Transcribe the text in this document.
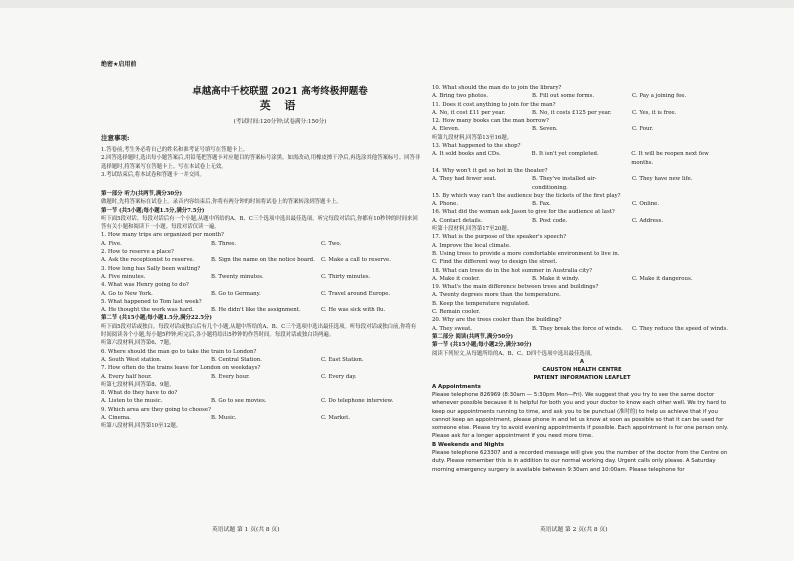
绝密★启用前
卓越高中千校联盟 2021 高考终极押题卷
英 语
(考试时间:120分钟;试卷满分:150分)
注意事项:

1.答卷前,考生务必将自己的姓名和准考证号填写在答题卡上。

2.回答选择题时,选出每小题答案后,用铅笔把答题卡对应题目的答案标号涂黑。如需改动,用橡皮擦干净后,再选涂其他答案标号。回答非选择题时,将答案写在答题卡上。写在本试卷上无效。

3.考试结束后,将本试卷和答题卡一并交回。

第一部分 听力(共两节,满分30分)

做题时,先将答案标在试卷上。录音内容结束后,你将有两分钟的时间将试卷上的答案转涂到答题卡上。

第一节 (共5小题;每小题1.5分,满分7.5分)

听下面5段对话。每段对话后有一个小题,从题中所给的A、B、C三个选项中选出最佳选项。听完每段对话后,你都有10秒钟的时间来回答有关小题和阅读下一小题。每段对话仅读一遍。

1. How many trips are organized per month?

A. Five.	B. Three.	C. Two.

2. How to reserve a place?

A. Ask the receptionist to reserve.	B. Sign the name on the notice board.	C. Make a call to reserve.

3. How long has Sally been waiting?

A. Five minutes.	B. Twenty minutes.	C. Thirty minutes.

4. What was Henry going to do?

A. Go to New York.	B. Go to Germany.	C. Travel around Europe.

5. What happened to Tom last week?

A. He thought the work was hard.	B. He didn't like the assignment.	C. He was sick with flu.

第二节 (共15小题;每小题1.5分,满分22.5分)

听下面5段对话或独白。每段对话或独白后有几个小题,从题中所给的A、B、C三个选项中选出最佳选项。听每段对话或独白前,你将有时间阅读各个小题,每小题5秒钟;听完后,各小题将给出5秒钟的作答时间。每段对话或独白读两遍。

听第六段材料,回答第6、7题。

6. Where should the man go to take the train to London?

A. South West station.	B. Central Station.	C. East Station.

7. How often do the trains leave for London on weekdays?

A. Every half hour.	B. Every hour.	C. Every day.

听第七段材料,回答第8、9题。

8. What do they have to do?

A. Listen to the music.	B. Go to see movies.	C. Do telephone interview.

9. Which area are they going to choose?

A. Cinema.	B. Music.	C. Market.

听第八段材料,回答第10至12题。

10. What should the man do to join the library?

A. Bring two photos.	B. Fill out some forms.	C. Pay a joining fee.

11. Does it cost anything to join for the man?

A. No, it cost £11 per year.	B. No, it costs £125 per year.	C. Yes, it is free.

12. How many books can the man borrow?

A. Eleven.	B. Seven.	C. Four.

听第九段材料,回答第13至16题。

13. What happened to the shop?

A. It sold books and CDs.	B. It isn't yet completed.	C. It will be reopen next few months.

14. Why won't it get so hot in the theater?

A. They had fewer seat.	B. They've installed air-conditioning.
C. They have new life.

15. By which way can't the audience buy the tickets of the first play?

A. Phone.	B. Fax.	C. Online.

16. What did the woman ask Jason to give for the audience at last?

A. Contact details.	B. Post code.	C. Address.

听第十段材料,回答第17至20题。

17. What is the purpose of the speaker's speech?

A. Improve the local climate.

B. Using trees to provide a more comfortable environment to live in.

C. Find the different way to design the street.

18. What can trees do in the hot summer in Australia city?

A. Make it cooler.	B. Make it windy.	C. Make it dangerous.

19. What's the main difference between trees and buildings?

A. Twenty degrees more than the temperature.

B. Keep the temperature regulated.

C. Remain cooler.

20. Why are the trees cooler than the building?

A. They sweat.	B. They break the force of winds.	C. They reduce the speed of winds.

第二部分 阅读(共两节,满分50分)

第一节 (共15小题;每小题2分,满分30分)

阅读下列短文,从每题所给的A、B、C、D四个选项中选出最佳选项。

A

CAUSTON HEALTH CENTRE

PATIENT INFORMATION LEAFLET

A Appointments

Please telephone 826969 (8:30am — 5:30pm Mon—Fri). We suggest that you try to see the same doctor whenever possible because it is helpful for both you and your doctor to know each other well. We try hard to keep our appointments running to time, and ask you to be punctual (准时的) to help us achieve that if you cannot keep an appointment, please phone in and let us know at soon as possible so that it can be used for someone else. Please try to avoid evening appointments if possible. Each appointment is for one person only. Please ask for a longer appointment if you need more time.

B Weekends and Nights

Please telephone 623307 and a recorded message will give you the number of the doctor from the Centre on duty. Please remember this is in addition to our normal working day. Urgent calls only please. A Saturday morning emergency surgery is available between 9:30am and 10:00am. Please telephone for

英语试题 第 1 页(共 8 页)	英语试题 第 2 页(共 8 页)
